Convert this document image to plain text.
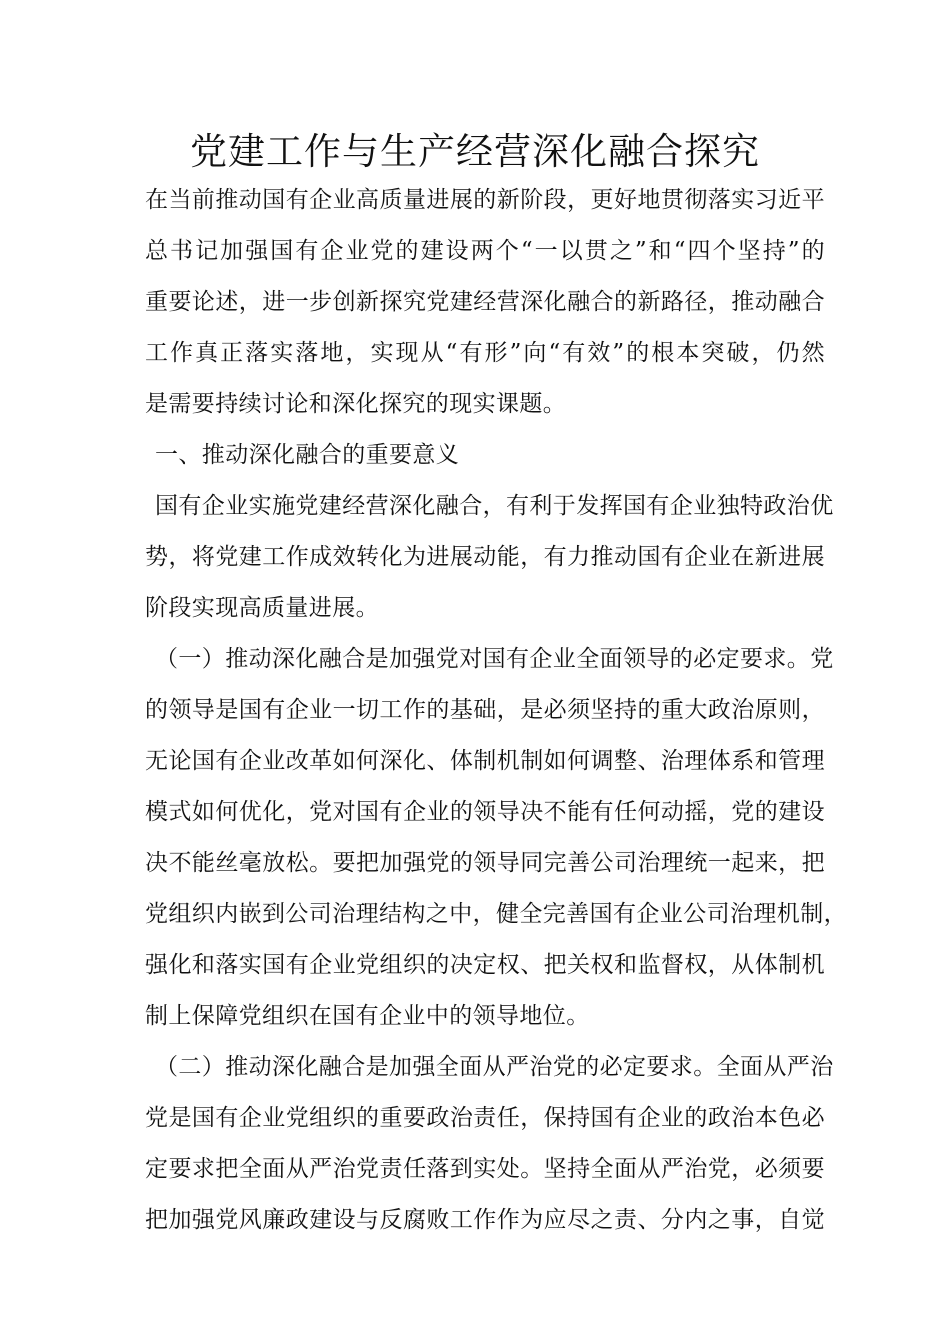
党建工作与生产经营深化融合探究
在当前推动国有企业高质量进展的新阶段，更好地贯彻落实习近平
总书记加强国有企业党的建设两个“一以贯之”和“四个坚持”的
重要论述，进一步创新探究党建经营深化融合的新路径，推动融合
工作真正落实落地，实现从“有形”向“有效”的根本突破，仍然
是需要持续讨论和深化探究的现实课题。
一、推动深化融合的重要意义
国有企业实施党建经营深化融合，有利于发挥国有企业独特政治优
势，将党建工作成效转化为进展动能，有力推动国有企业在新进展
阶段实现高质量进展。
（一）推动深化融合是加强党对国有企业全面领导的必定要求。党
的领导是国有企业一切工作的基础，是必须坚持的重大政治原则，
无论国有企业改革如何深化、体制机制如何调整、治理体系和管理
模式如何优化，党对国有企业的领导决不能有任何动摇，党的建设
决不能丝毫放松。要把加强党的领导同完善公司治理统一起来，把
党组织内嵌到公司治理结构之中，健全完善国有企业公司治理机制，
强化和落实国有企业党组织的决定权、把关权和监督权，从体制机
制上保障党组织在国有企业中的领导地位。
（二）推动深化融合是加强全面从严治党的必定要求。全面从严治
党是国有企业党组织的重要政治责任，保持国有企业的政治本色必
定要求把全面从严治党责任落到实处。坚持全面从严治党，必须要
把加强党风廉政建设与反腐败工作作为应尽之责、分内之事，自觉
